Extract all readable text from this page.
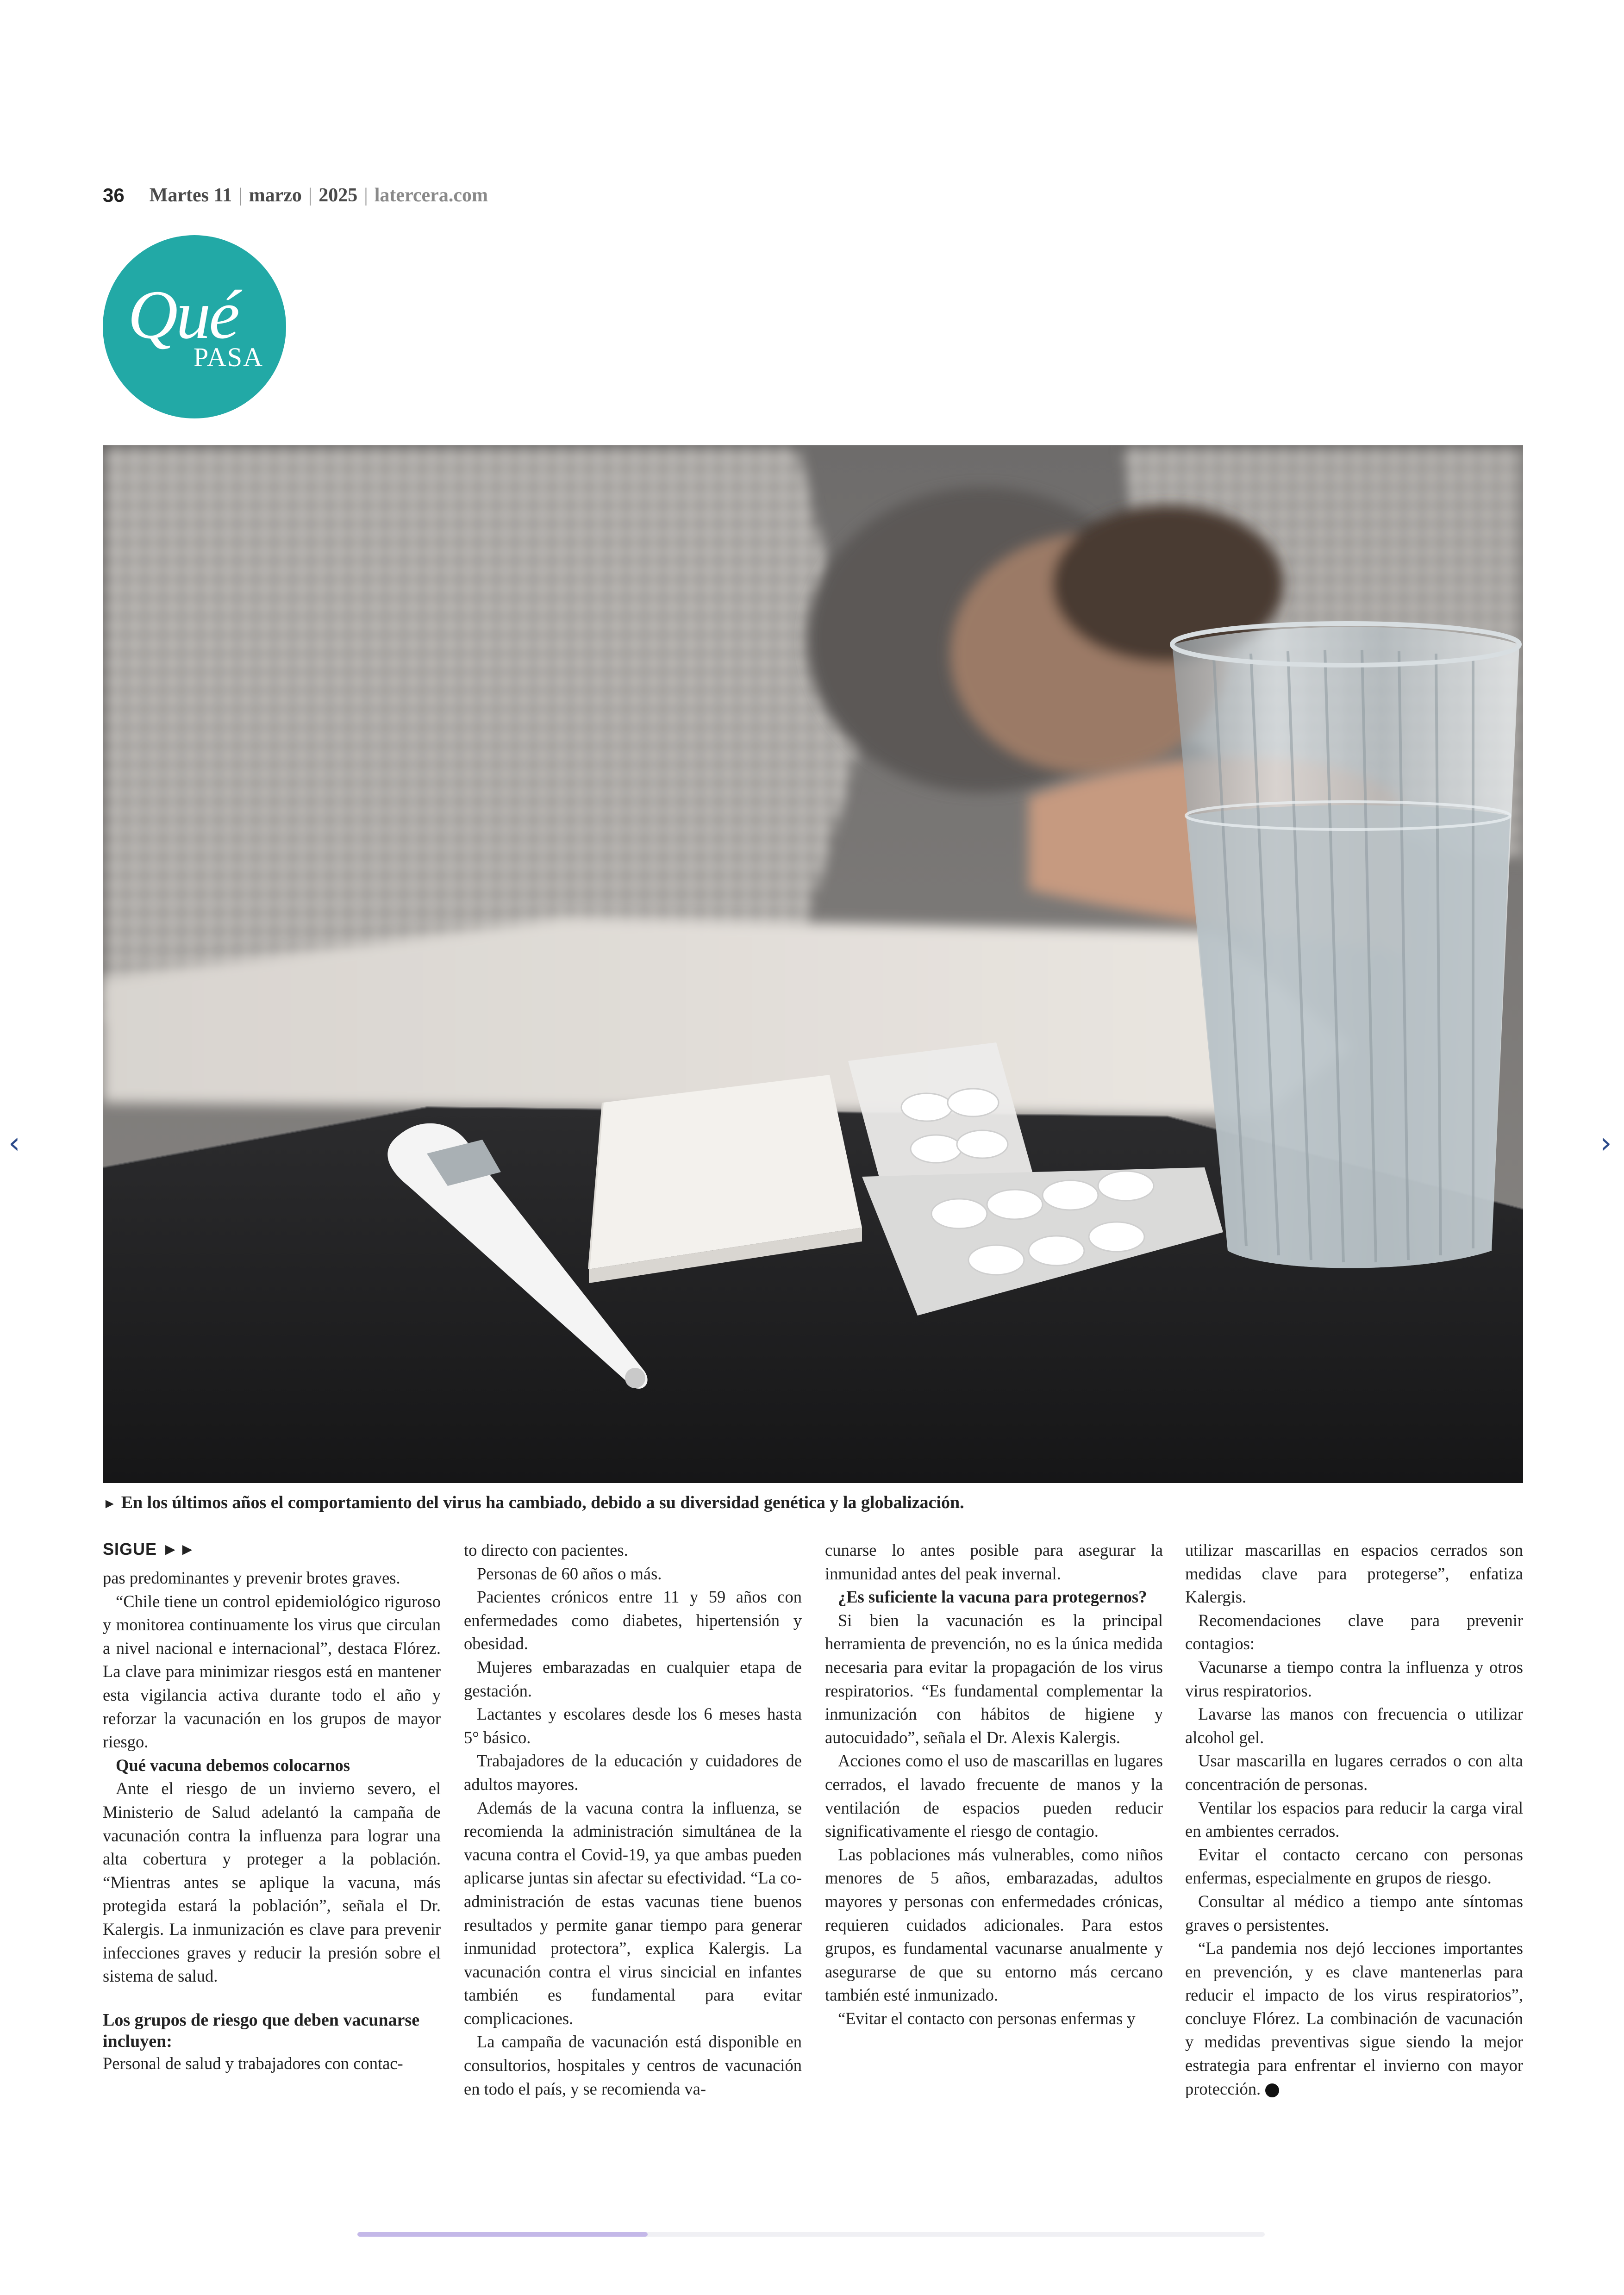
36 Martes 11 | marzo | 2025 | latercera.com
Qué
PASA
► En los últimos años el comportamiento del virus ha cambiado, debido a su diversidad genética y la globalización.
‹	›
SIGUE ►►

pas predominantes y prevenir brotes graves.

“Chile tiene un control epidemiológico riguroso y monitorea continuamente los virus que circulan a nivel nacional e internacional”, destaca Flórez. La clave para minimizar riesgos está en mantener esta vigilancia activa durante todo el año y reforzar la vacunación en los grupos de mayor riesgo.

Qué vacuna debemos colocarnos

Ante el riesgo de un invierno severo, el Ministerio de Salud adelantó la campaña de vacunación contra la influenza para lograr una alta cobertura y proteger a la población. “Mientras antes se aplique la vacuna, más protegida estará la población”, señala el Dr. Kalergis. La inmunización es clave para prevenir infecciones graves y reducir la presión sobre el sistema de salud.

Los grupos de riesgo que deben vacunarse incluyen:

Personal de salud y trabajadores con contac-

to directo con pacientes.

Personas de 60 años o más.

Pacientes crónicos entre 11 y 59 años con enfermedades como diabetes, hipertensión y obesidad.

Mujeres embarazadas en cualquier etapa de gestación.

Lactantes y escolares desde los 6 meses hasta 5° básico.

Trabajadores de la educación y cuidadores de adultos mayores.

Además de la vacuna contra la influenza, se recomienda la administración simultánea de la vacuna contra el Covid-19, ya que ambas pueden aplicarse juntas sin afectar su efectividad. “La co-administración de estas vacunas tiene buenos resultados y permite ganar tiempo para generar inmunidad protectora”, explica Kalergis. La vacunación contra el virus sincicial en infantes también es fundamental para evitar complicaciones.

La campaña de vacunación está disponible en consultorios, hospitales y centros de vacunación en todo el país, y se recomienda va-

cunarse lo antes posible para asegurar la inmunidad antes del peak invernal.

¿Es suficiente la vacuna para protegernos?

Si bien la vacunación es la principal herramienta de prevención, no es la única medida necesaria para evitar la propagación de los virus respiratorios. “Es fundamental complementar la inmunización con hábitos de higiene y autocuidado”, señala el Dr. Alexis Kalergis.

Acciones como el uso de mascarillas en lugares cerrados, el lavado frecuente de manos y la ventilación de espacios pueden reducir significativamente el riesgo de contagio.

Las poblaciones más vulnerables, como niños menores de 5 años, embarazadas, adultos mayores y personas con enfermedades crónicas, requieren cuidados adicionales. Para estos grupos, es fundamental vacunarse anualmente y asegurarse de que su entorno más cercano también esté inmunizado.

“Evitar el contacto con personas enfermas y

utilizar mascarillas en espacios cerrados son medidas clave para protegerse”, enfatiza Kalergis.

Recomendaciones clave para prevenir contagios:

Vacunarse a tiempo contra la influenza y otros virus respiratorios.

Lavarse las manos con frecuencia o utilizar alcohol gel.

Usar mascarilla en lugares cerrados o con alta concentración de personas.

Ventilar los espacios para reducir la carga viral en ambientes cerrados.

Evitar el contacto cercano con personas enfermas, especialmente en grupos de riesgo.

Consultar al médico a tiempo ante síntomas graves o persistentes.

“La pandemia nos dejó lecciones importantes en prevención, y es clave mantenerlas para reducir el impacto de los virus respiratorios”, concluye Flórez. La combinación de vacunación y medidas preventivas sigue siendo la mejor estrategia para enfrentar el invierno con mayor protección.
